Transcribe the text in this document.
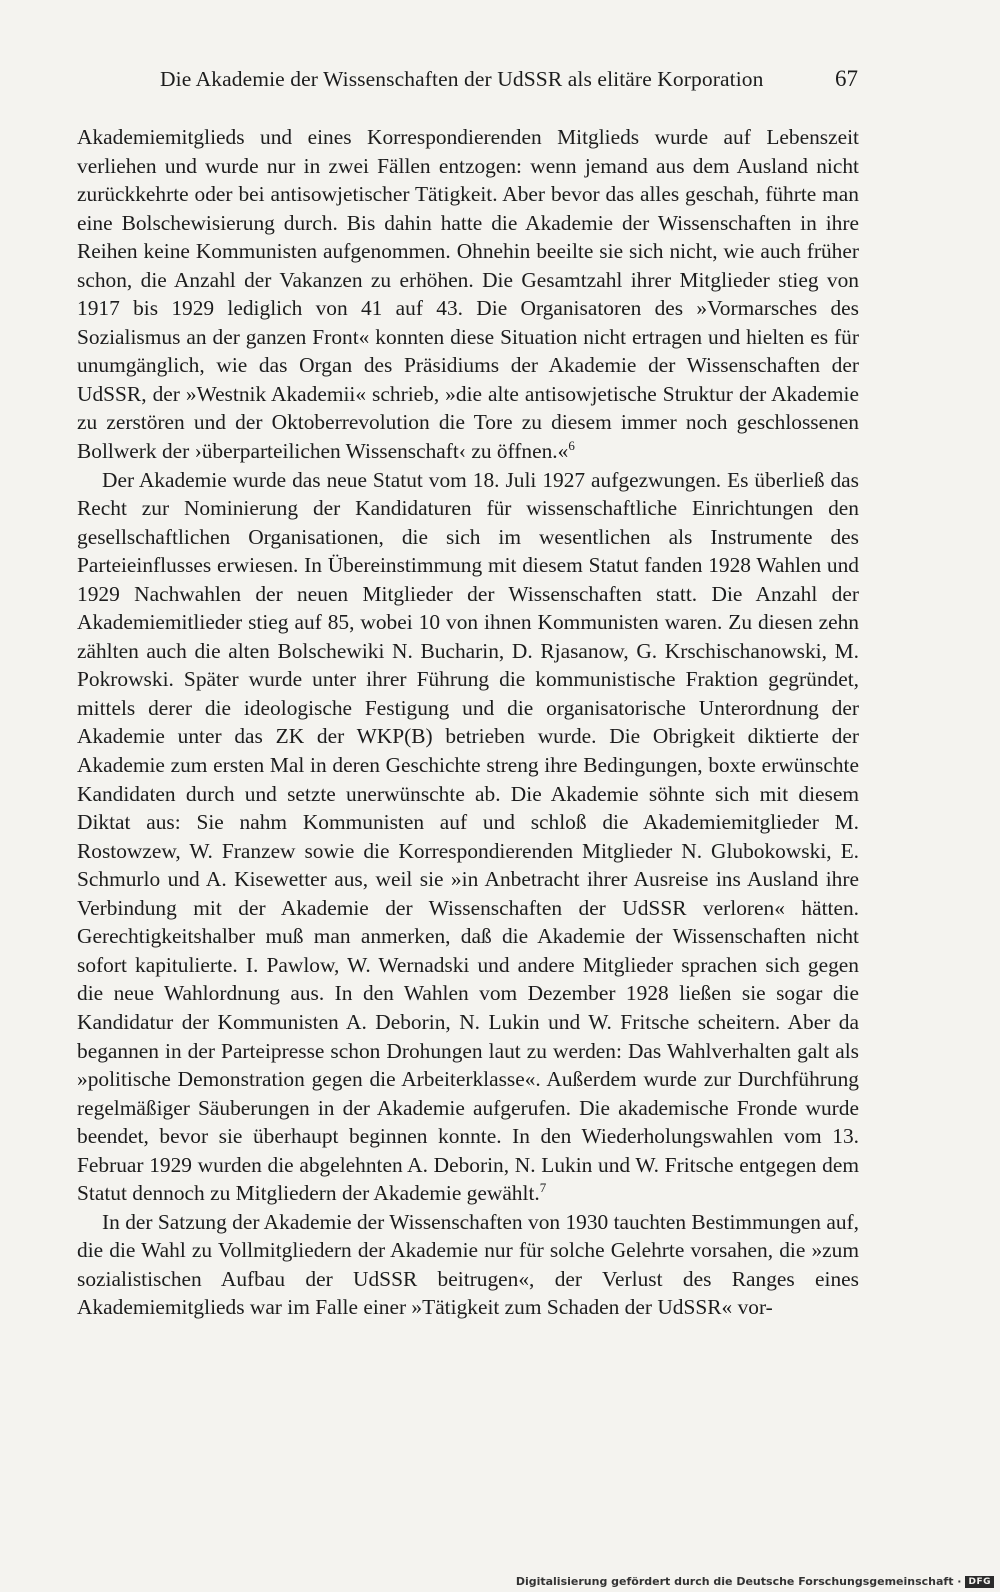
Die Akademie der Wissenschaften der UdSSR als elitäre Korporation	67

Akademiemitglieds und eines Korrespondierenden Mitglieds wurde auf Lebenszeit verliehen und wurde nur in zwei Fällen entzogen: wenn jemand aus dem Ausland nicht zurückkehrte oder bei antisowjetischer Tätigkeit. Aber bevor das alles geschah, führte man eine Bolschewisierung durch. Bis dahin hatte die Akademie der Wissenschaften in ihre Reihen keine Kommunisten aufgenommen. Ohnehin beeilte sie sich nicht, wie auch früher schon, die Anzahl der Vakanzen zu erhöhen. Die Gesamtzahl ihrer Mitglieder stieg von 1917 bis 1929 lediglich von 41 auf 43. Die Organisatoren des »Vormarsches des Sozialismus an der ganzen Front« konnten diese Situation nicht ertragen und hielten es für unumgänglich, wie das Organ des Präsidiums der Akademie der Wissenschaften der UdSSR, der »Westnik Akademii« schrieb, »die alte antisowjetische Struktur der Akademie zu zerstören und der Oktoberrevolution die Tore zu diesem immer noch geschlossenen Bollwerk der ›überparteilichen Wissenschaft‹ zu öffnen.«$^6$

Der Akademie wurde das neue Statut vom 18. Juli 1927 aufgezwungen. Es überließ das Recht zur Nominierung der Kandidaturen für wissenschaftliche Einrichtungen den gesellschaftlichen Organisationen, die sich im wesentlichen als Instrumente des Parteieinflusses erwiesen. In Übereinstimmung mit diesem Statut fanden 1928 Wahlen und 1929 Nachwahlen der neuen Mitglieder der Wissenschaften statt. Die Anzahl der Akademiemitlieder stieg auf 85, wobei 10 von ihnen Kommunisten waren. Zu diesen zehn zählten auch die alten Bolschewiki N. Bucharin, D. Rjasanow, G. Krschischanowski, M. Pokrowski. Später wurde unter ihrer Führung die kommunistische Fraktion gegründet, mittels derer die ideologische Festigung und die organisatorische Unterordnung der Akademie unter das ZK der WKP(B) betrieben wurde. Die Obrigkeit diktierte der Akademie zum ersten Mal in deren Geschichte streng ihre Bedingungen, boxte erwünschte Kandidaten durch und setzte unerwünschte ab. Die Akademie söhnte sich mit diesem Diktat aus: Sie nahm Kommunisten auf und schloß die Akademiemitglieder M. Rostowzew, W. Franzew sowie die Korrespondierenden Mitglieder N. Glubokowski, E. Schmurlo und A. Kisewetter aus, weil sie »in Anbetracht ihrer Ausreise ins Ausland ihre Verbindung mit der Akademie der Wissenschaften der UdSSR verloren« hätten. Gerechtigkeitshalber muß man anmerken, daß die Akademie der Wissenschaften nicht sofort kapitulierte. I. Pawlow, W. Wernadski und andere Mitglieder sprachen sich gegen die neue Wahlordnung aus. In den Wahlen vom Dezember 1928 ließen sie sogar die Kandidatur der Kommunisten A. Deborin, N. Lukin und W. Fritsche scheitern. Aber da begannen in der Parteipresse schon Drohungen laut zu werden: Das Wahlverhalten galt als »politische Demonstration gegen die Arbeiterklasse«. Außerdem wurde zur Durchführung regelmäßiger Säuberungen in der Akademie aufgerufen. Die akademische Fronde wurde beendet, bevor sie überhaupt beginnen konnte. In den Wiederholungswahlen vom 13. Februar 1929 wurden die abgelehnten A. Deborin, N. Lukin und W. Fritsche entgegen dem Statut dennoch zu Mitgliedern der Akademie gewählt.$^7$

In der Satzung der Akademie der Wissenschaften von 1930 tauchten Bestimmungen auf, die die Wahl zu Vollmitgliedern der Akademie nur für solche Gelehrte vorsahen, die »zum sozialistischen Aufbau der UdSSR beitrugen«, der Verlust des Ranges eines Akademiemitglieds war im Falle einer »Tätigkeit zum Schaden der UdSSR« vor-

Digitalisierung gefördert durch die Deutsche Forschungsgemeinschaft · DFG
